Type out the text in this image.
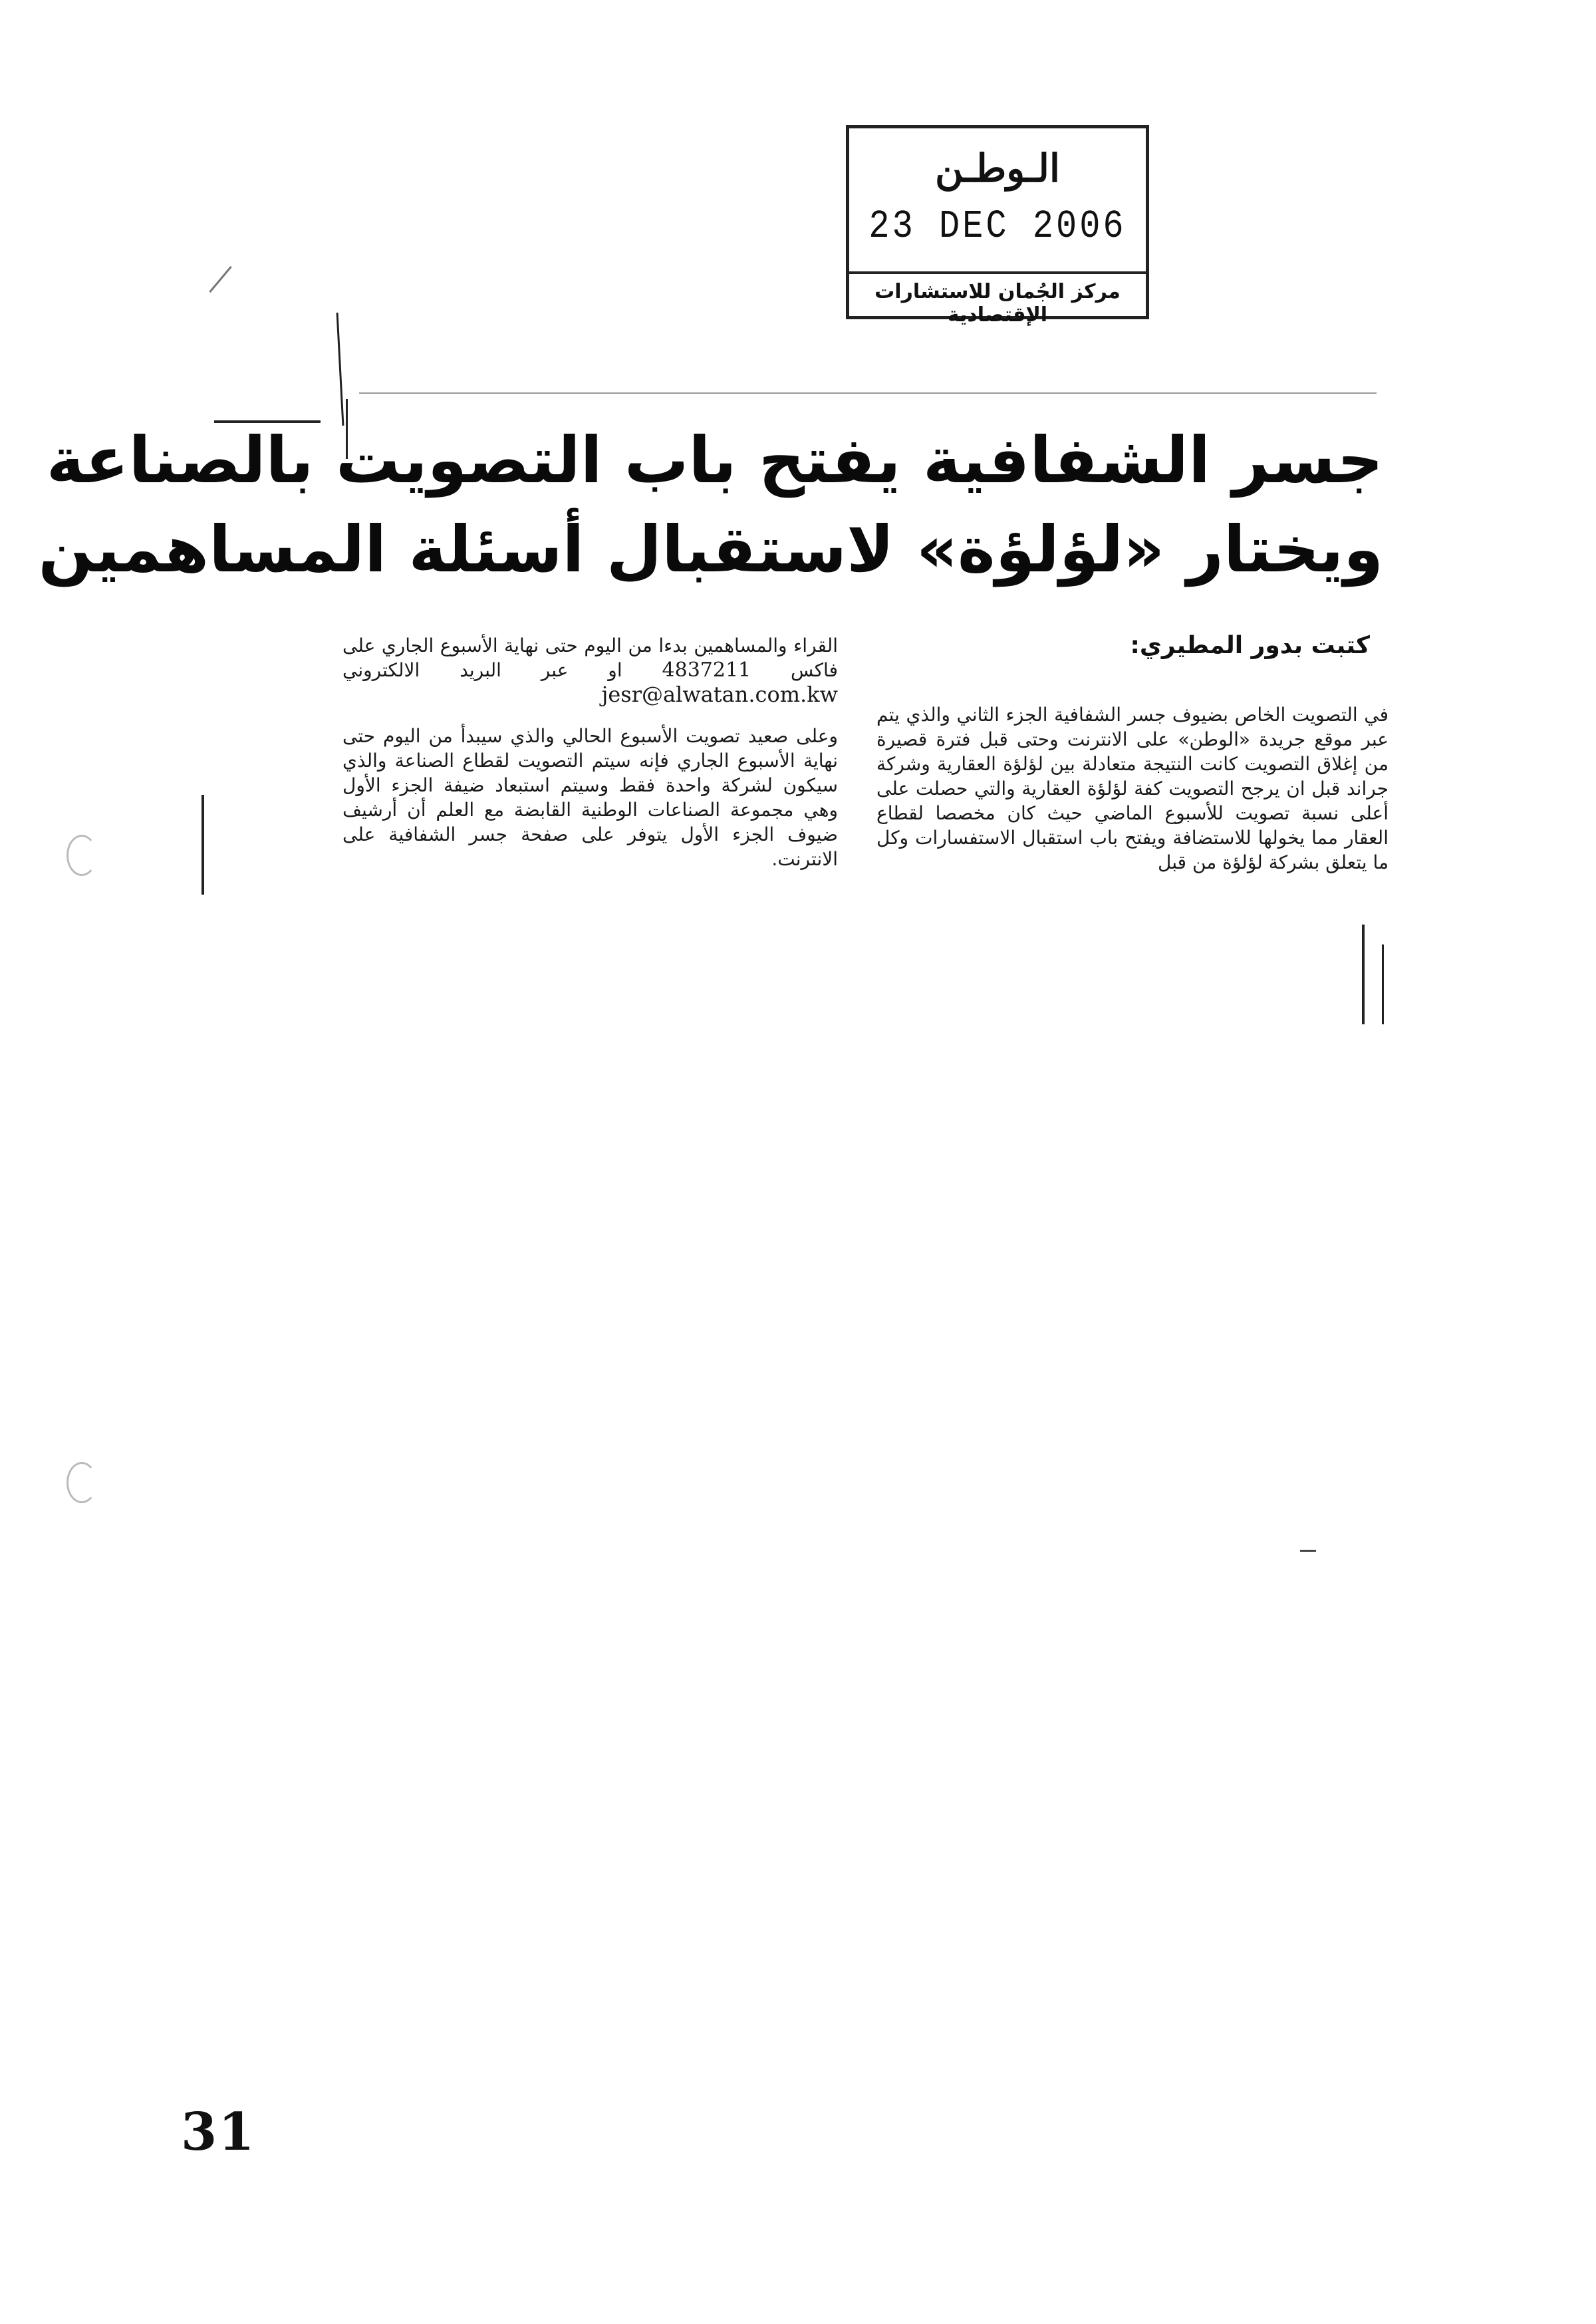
الـوطـن
23 DEC 2006
مركز الجُمان للاستشارات الإقتصادية
جسر الشفافية يفتح باب التصويت بالصناعة
ويختار «لؤلؤة» لاستقبال أسئلة المساهمين
كتبت بدور المطيري:

في التصويت الخاص بضيوف جسر الشفافية الجزء الثاني والذي يتم عبر موقع جريدة «الوطن» على الانترنت وحتى قبل فترة قصيرة من إغلاق التصويت كانت النتيجة متعادلة بين لؤلؤة العقارية وشركة جراند قبل ان يرجح التصويت كفة لؤلؤة العقارية والتي حصلت على أعلى نسبة تصويت للأسبوع الماضي حيث كان مخصصا لقطاع العقار مما يخولها للاستضافة ويفتح باب استقبال الاستفسارات وكل ما يتعلق بشركة لؤلؤة من قبل

القراء والمساهمين بدءا من اليوم حتى نهاية الأسبوع الجاري على فاكس 4837211 او عبر البريد الالكتروني jesr@alwatan.com.kw

وعلى صعيد تصويت الأسبوع الحالي والذي سيبدأ من اليوم حتى نهاية الأسبوع الجاري فإنه سيتم التصويت لقطاع الصناعة والذي سيكون لشركة واحدة فقط وسيتم استبعاد ضيفة الجزء الأول وهي مجموعة الصناعات الوطنية القابضة مع العلم أن أرشيف ضيوف الجزء الأول يتوفر على صفحة جسر الشفافية على الانترنت.

31
